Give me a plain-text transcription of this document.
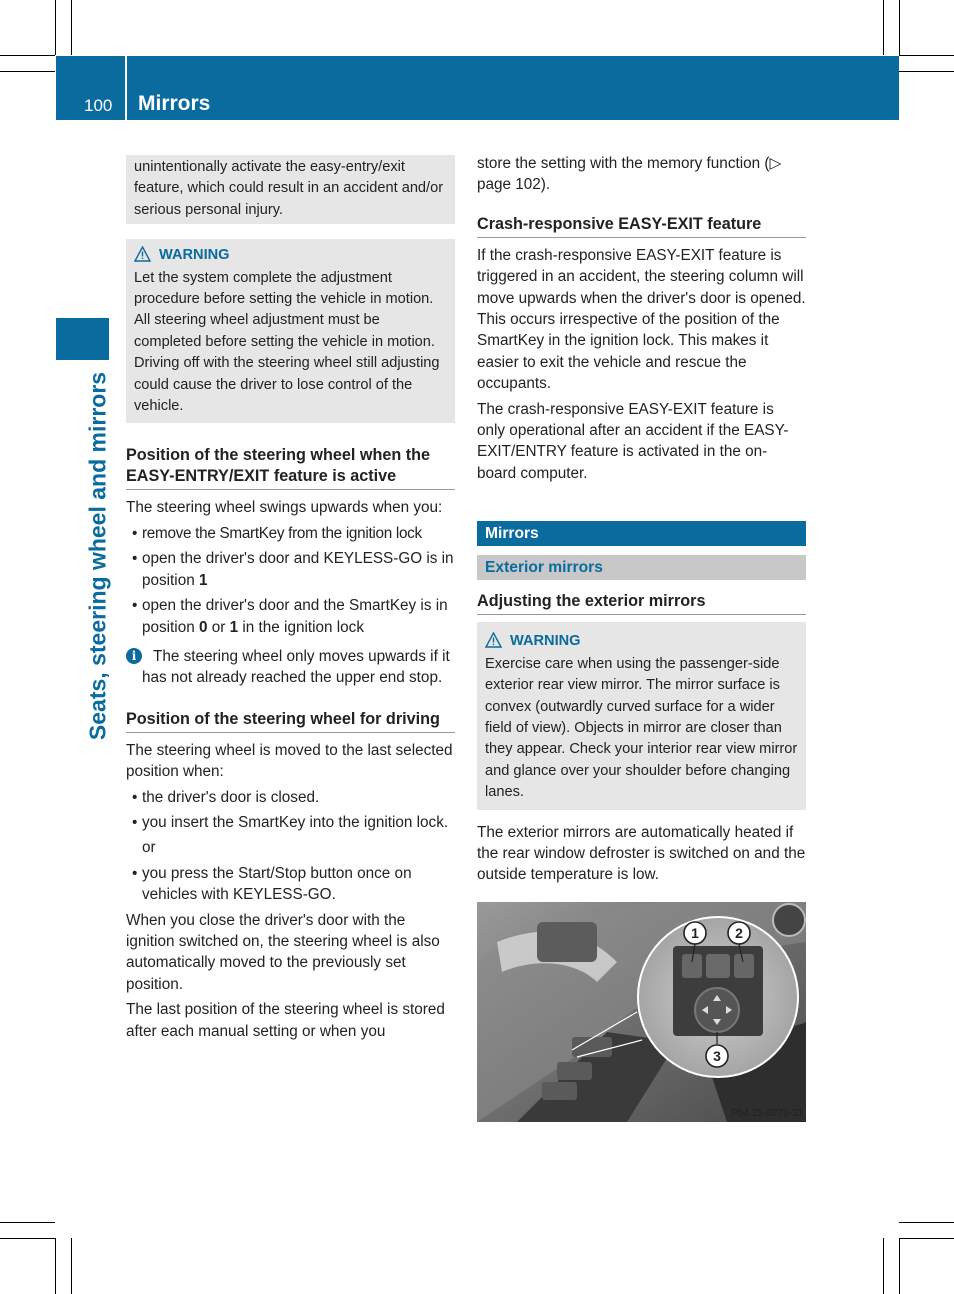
100 Mirrors
Seats, steering wheel and mirrors
unintentionally activate the easy-entry/exit feature, which could result in an accident and/or serious personal injury.
WARNING
Let the system complete the adjustment procedure before setting the vehicle in motion. All steering wheel adjustment must be completed before setting the vehicle in motion. Driving off with the steering wheel still adjusting could cause the driver to lose control of the vehicle.
Position of the steering wheel when the EASY-ENTRY/EXIT feature is active

The steering wheel swings upwards when you:

• remove the SmartKey from the ignition lock

• open the driver's door and KEYLESS-GO is in position 1

• open the driver's door and the SmartKey is in position 0 or 1 in the ignition lock

i	The steering wheel only moves upwards if it has not already reached the upper end stop.

Position of the steering wheel for driving

The steering wheel is moved to the last selected position when:

• the driver's door is closed.

• you insert the SmartKey into the ignition lock.

or

• you press the Start/Stop button once on vehicles with KEYLESS-GO.

When you close the driver's door with the ignition switched on, the steering wheel is also automatically moved to the previously set position.

The last position of the steering wheel is stored after each manual setting or when you

store the setting with the memory function (▷ page 102).

Crash-responsive EASY-EXIT feature

If the crash-responsive EASY-EXIT feature is triggered in an accident, the steering column will move upwards when the driver's door is opened. This occurs irrespective of the position of the SmartKey in the ignition lock. This makes it easier to exit the vehicle and rescue the occupants.

The crash-responsive EASY-EXIT feature is only operational after an accident if the EASY-EXIT/ENTRY feature is activated in the on-board computer.

Mirrors
Exterior mirrors
Adjusting the exterior mirrors
WARNING
Exercise care when using the passenger-side exterior rear view mirror. The mirror surface is convex (outwardly curved surface for a wider field of view). Objects in mirror are closer than they appear. Check your interior rear view mirror and glance over your shoulder before changing lanes.

The exterior mirrors are automatically heated if the rear window defroster is switched on and the outside temperature is low.

1	2
3
P54.25-8275-31
